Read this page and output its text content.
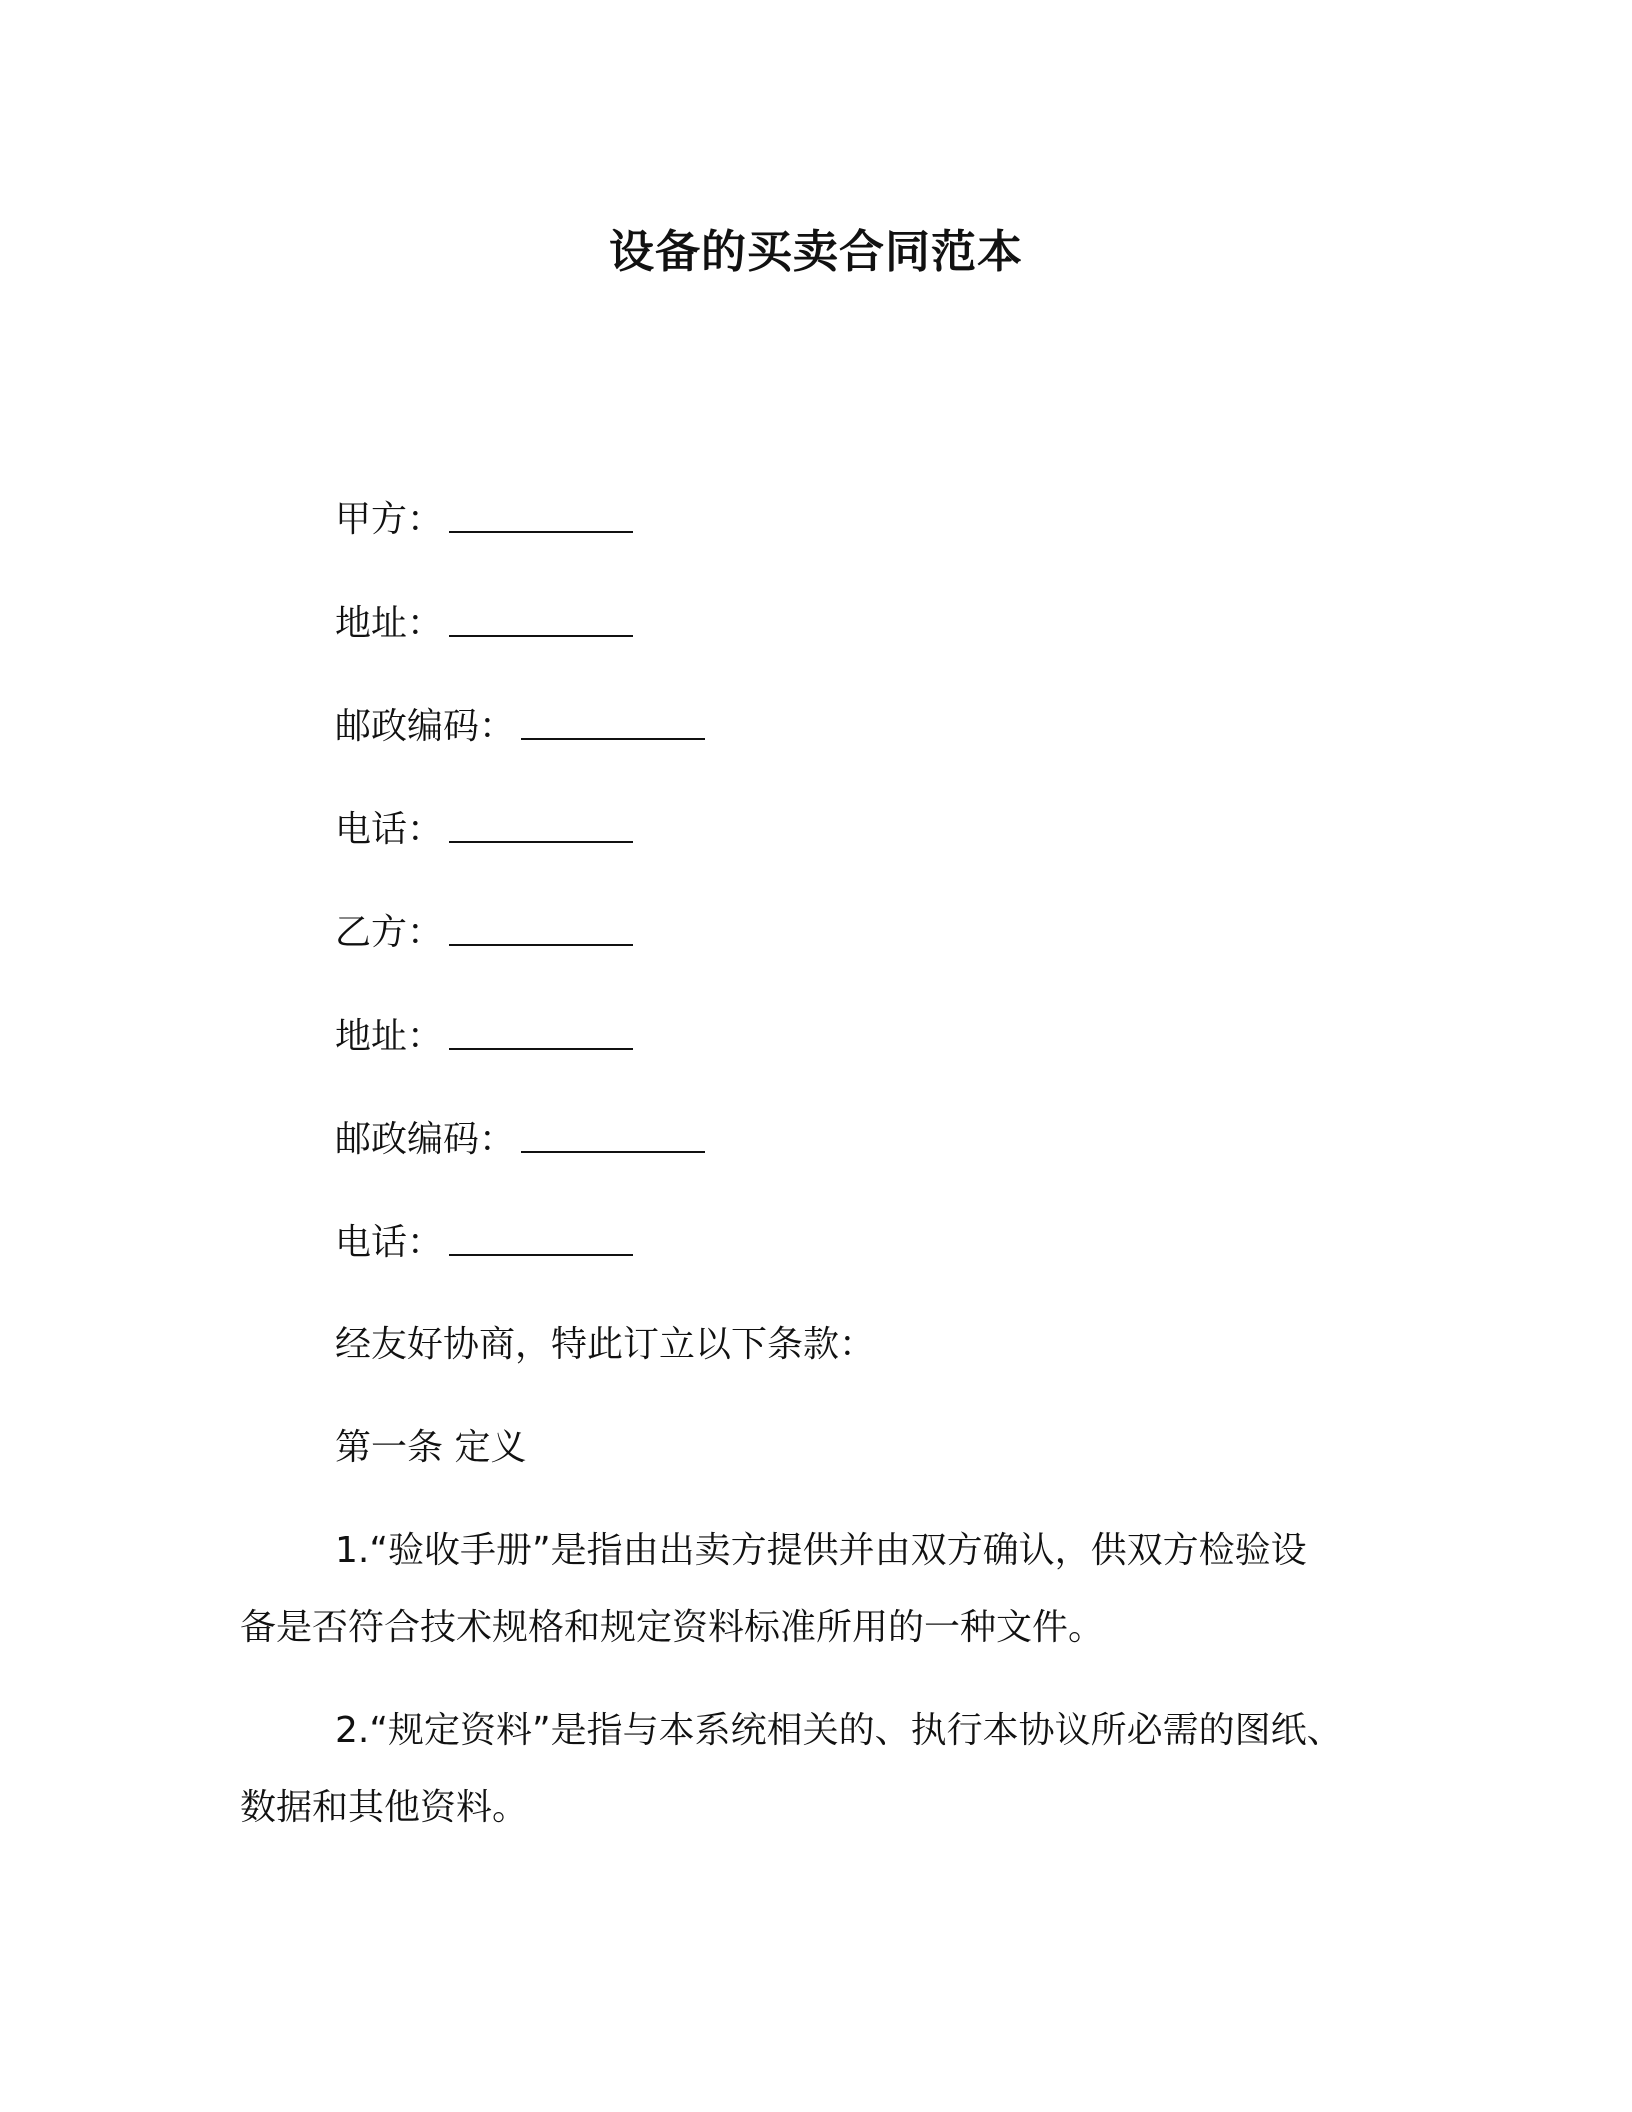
设备的买卖合同范本
甲方：
地址：
邮政编码：
电话：
乙方：
地址：
邮政编码：
电话：
经友好协商，特此订立以下条款：
第一条 定义
1.“验收手册”是指由出卖方提供并由双方确认，供双方检验设
备是否符合技术规格和规定资料标准所用的一种文件。
2.“规定资料”是指与本系统相关的、执行本协议所必需的图纸、
数据和其他资料。
